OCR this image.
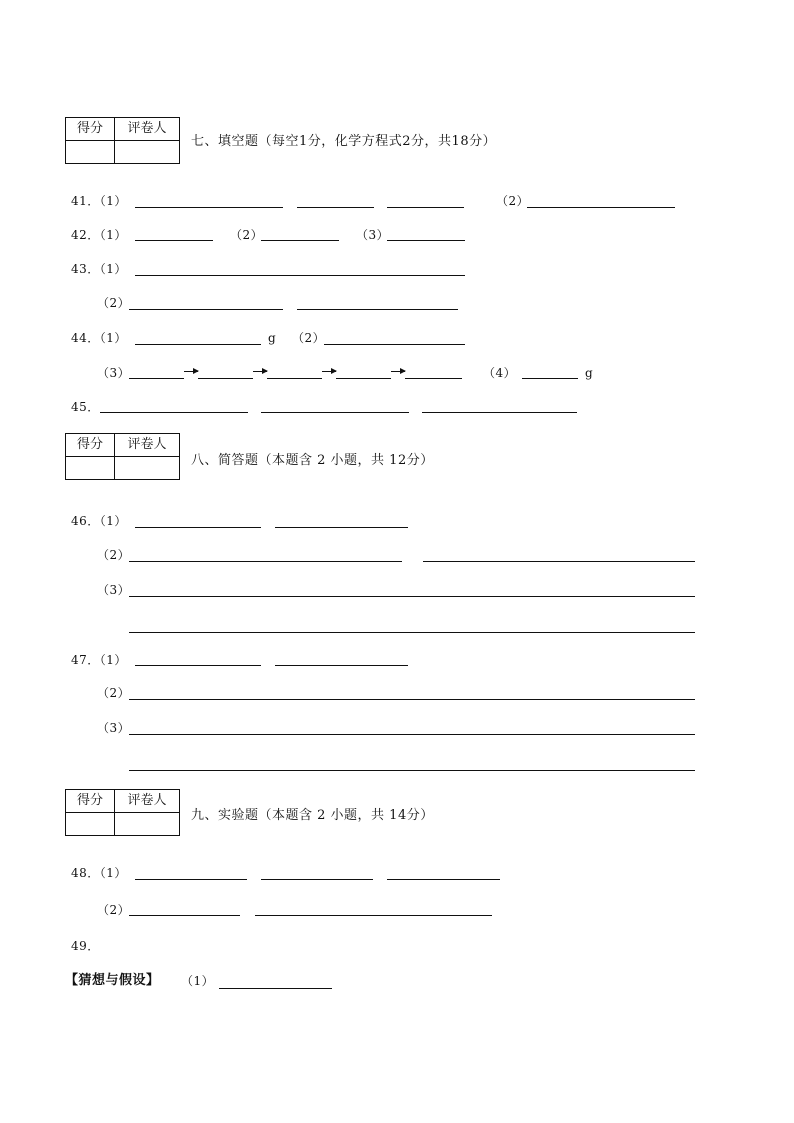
得分	评卷人

七、填空题（每空1分，化学方程式2分，共18分）
41．（1）	（2）
42．（1）	（2）	（3）
43．（1）
（2）
44．（1）	g （2）
（3）	（4）	g
45．
得分	评卷人

八、简答题（本题含 2 小题，共 12分）
46．（1）
（2）
（3）
47．（1）
（2）
（3）
得分	评卷人

九、实验题（本题含 2 小题，共 14分）
48．（1）
（2）
49．
【猜想与假设】 （1）
